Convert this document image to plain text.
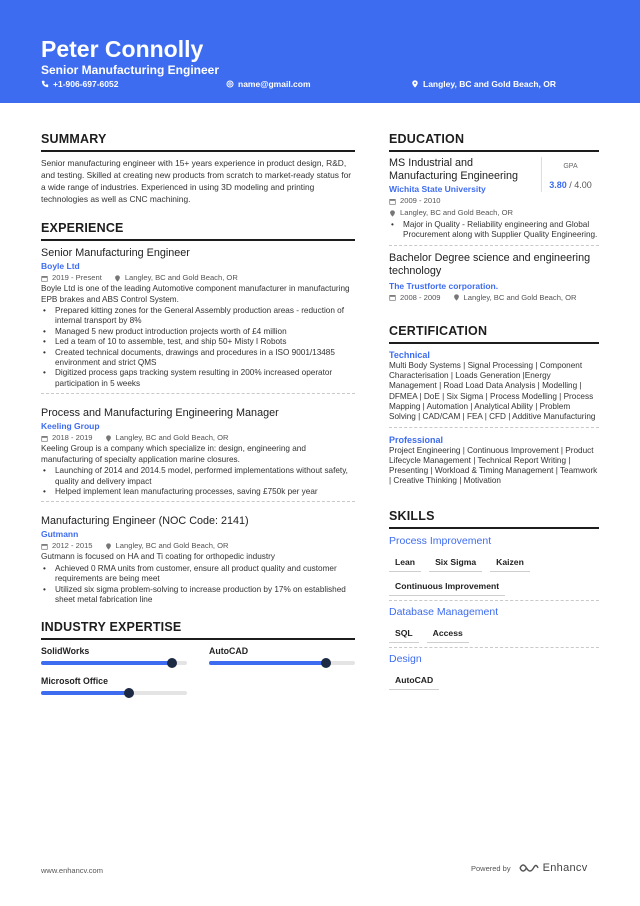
Peter Connolly
Senior Manufacturing Engineer
+1-906-697-6052	name@gmail.com	Langley, BC and Gold Beach, OR
SUMMARY
Senior manufacturing engineer with 15+ years experience in product design, R&D, and testing. Skilled at creating new products from scratch to market-ready status for a wide range of industries. Experienced in using 3D modeling and printing technologies as well as CNC machining.
EXPERIENCE
Senior Manufacturing Engineer
Boyle Ltd
2019 - Present	Langley, BC and Gold Beach, OR
Boyle Ltd is one of the leading Automotive component manufacturer in manufacturing EPB brakes and ABS Control System.
• Prepared kitting zones for the General Assembly production areas - reduction of internal transport by 8%
• Managed 5 new product introduction projects worth of £4 million
• Led a team of 10 to assemble, test, and ship 50+ Misty I Robots
• Created technical documents, drawings and procedures in a ISO 9001/13485 environment and strict QMS
• Digitized process gaps tracking system resulting in 200% increased operator participation in 5 weeks
Process and Manufacturing Engineering Manager
Keeling Group
2018 - 2019	Langley, BC and Gold Beach, OR
Keeling Group is a company which specialize in: design, engineering and manufacturing of specialty application marine closures.
• Launching of 2014 and 2014.5 model, performed implementations without safety, quality and delivery impact
• Helped implement lean manufacturing processes, saving £750k per year
Manufacturing Engineer (NOC Code: 2141)
Gutmann
2012 - 2015	Langley, BC and Gold Beach, OR
Gutmann is focused on HA and Ti coating for orthopedic industry
• Achieved 0 RMA units from customer, ensure all product quality and customer requirements are being meet
• Utilized six sigma problem-solving to increase production by 17% on established sheet metal fabrication line
INDUSTRY EXPERTISE
SolidWorks	AutoCAD
Microsoft Office
EDUCATION
MS Industrial and Manufacturing Engineering
Wichita State University
GPA
3.80 / 4.00
2009 - 2010
Langley, BC and Gold Beach, OR
• Major in Quality - Reliability engineering and Global Procurement along with Supplier Quality Engineering.
Bachelor Degree science and engineering technology
The Trustforte corporation.
2008 - 2009	Langley, BC and Gold Beach, OR
CERTIFICATION
Technical
Multi Body Systems | Signal Processing | Component Characterisation | Loads Generation |Energy Management | Road Load Data Analysis | Modelling | DFMEA | DoE | Six Sigma | Process Modelling | Process Mapping | Automation | Analytical Ability | Problem Solving | CAD/CAM | FEA | CFD | Additive Manufacturing
Professional
Project Engineering | Continuous Improvement | Product Lifecycle Management | Technical Report Writing | Presenting | Workload & Timing Management | Teamwork | Creative Thinking | Motivation
SKILLS
Process Improvement
Lean	Six Sigma	Kaizen
Continuous Improvement
Database Management
SQL	Access
Design
AutoCAD
www.enhancv.com	Powered by	Enhancv
